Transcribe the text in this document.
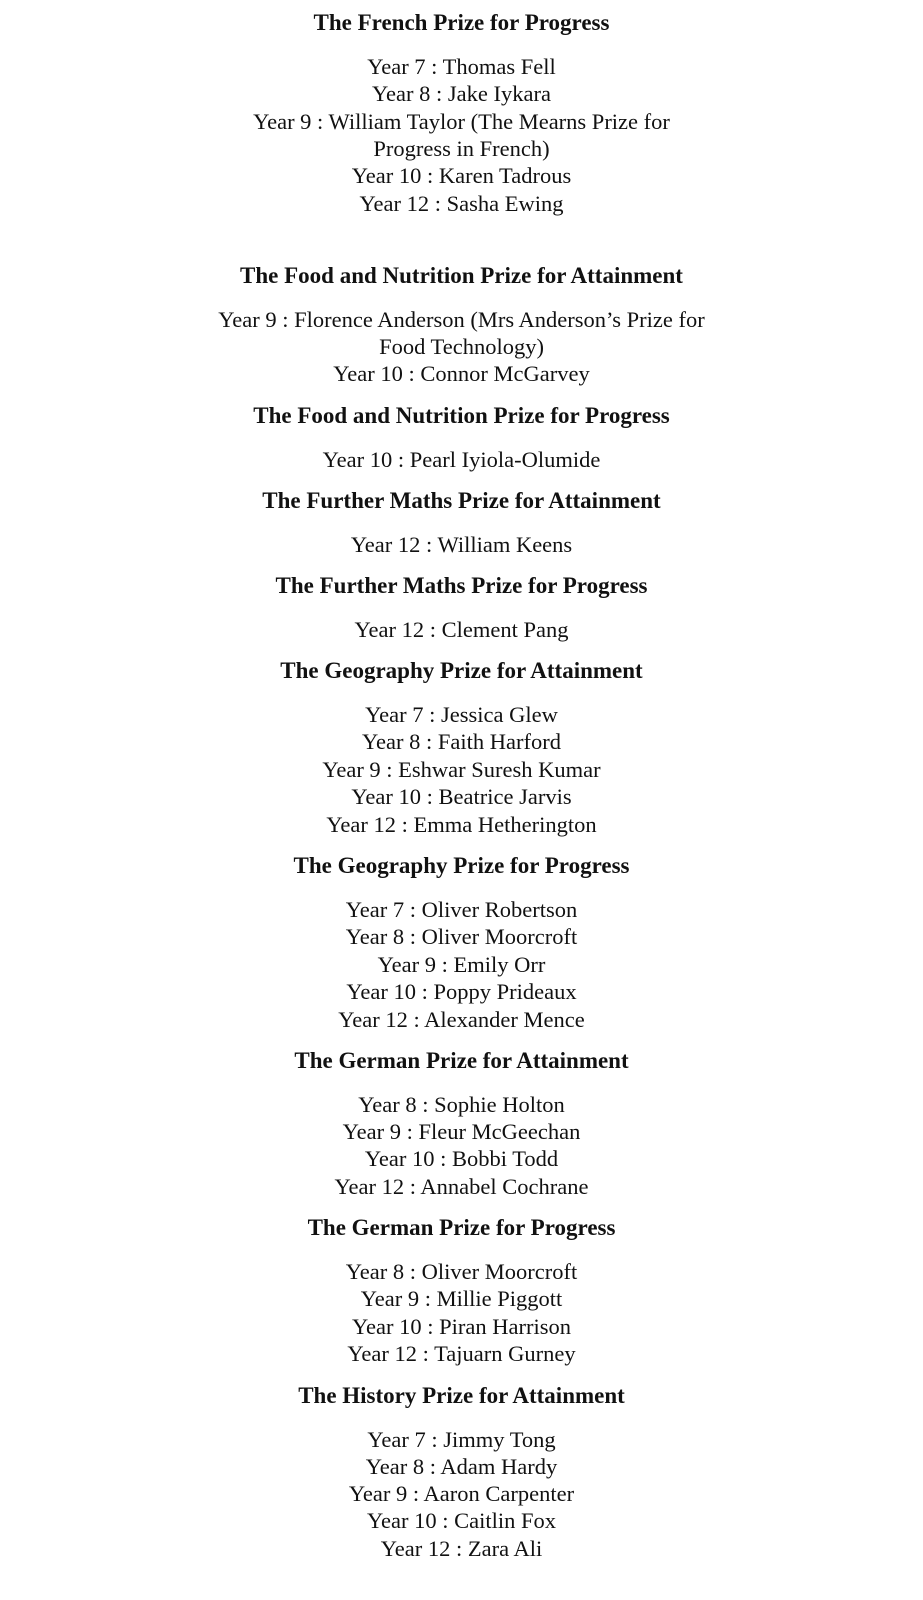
The French Prize for Progress

Year 7 : Thomas Fell

Year 8 : Jake Iykara

Year 9 : William Taylor (The Mearns Prize for

Progress in French)

Year 10 : Karen Tadrous

Year 12 : Sasha Ewing

The Food and Nutrition Prize for Attainment

Year 9 : Florence Anderson (Mrs Anderson’s Prize for

Food Technology)

Year 10 : Connor McGarvey

The Food and Nutrition Prize for Progress

Year 10 : Pearl Iyiola-Olumide

The Further Maths Prize for Attainment

Year 12 : William Keens

The Further Maths Prize for Progress

Year 12 : Clement Pang

The Geography Prize for Attainment

Year 7 : Jessica Glew

Year 8 : Faith Harford

Year 9 : Eshwar Suresh Kumar

Year 10 : Beatrice Jarvis

Year 12 : Emma Hetherington

The Geography Prize for Progress

Year 7 : Oliver Robertson

Year 8 : Oliver Moorcroft

Year 9 : Emily Orr

Year 10 : Poppy Prideaux

Year 12 : Alexander Mence

The German Prize for Attainment

Year 8 : Sophie Holton

Year 9 : Fleur McGeechan

Year 10 : Bobbi Todd

Year 12 : Annabel Cochrane

The German Prize for Progress

Year 8 : Oliver Moorcroft

Year 9 : Millie Piggott

Year 10 : Piran Harrison

Year 12 : Tajuarn Gurney

The History Prize for Attainment

Year 7 : Jimmy Tong

Year 8 : Adam Hardy

Year 9 : Aaron Carpenter

Year 10 : Caitlin Fox

Year 12 : Zara Ali
